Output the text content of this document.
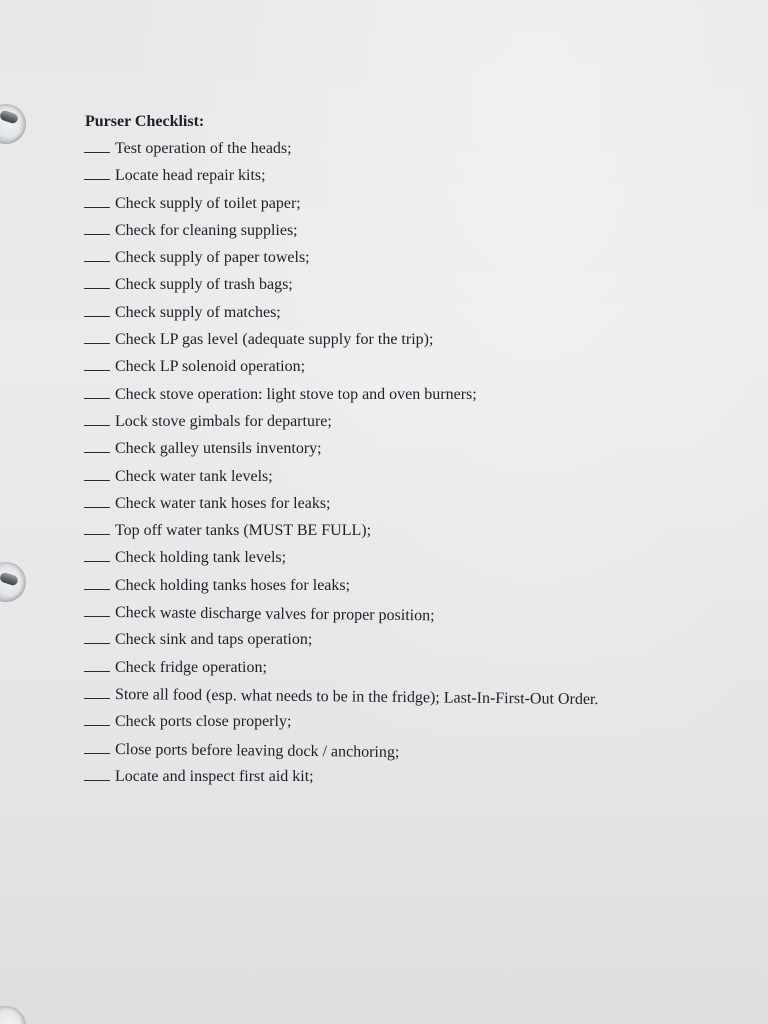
Purser Checklist:
Test operation of the heads;
Locate head repair kits;
Check supply of toilet paper;
Check for cleaning supplies;
Check supply of paper towels;
Check supply of trash bags;
Check supply of matches;
Check LP gas level (adequate supply for the trip);
Check LP solenoid operation;
Check stove operation: light stove top and oven burners;
Lock stove gimbals for departure;
Check galley utensils inventory;
Check water tank levels;
Check water tank hoses for leaks;
Top off water tanks (MUST BE FULL);
Check holding tank levels;
Check holding tanks hoses for leaks;
Check waste discharge valves for proper position;
Check sink and taps operation;
Check fridge operation;
Store all food (esp. what needs to be in the fridge); Last-In-First-Out Order.
Check ports close properly;
Close ports before leaving dock / anchoring;
Locate and inspect first aid kit;
